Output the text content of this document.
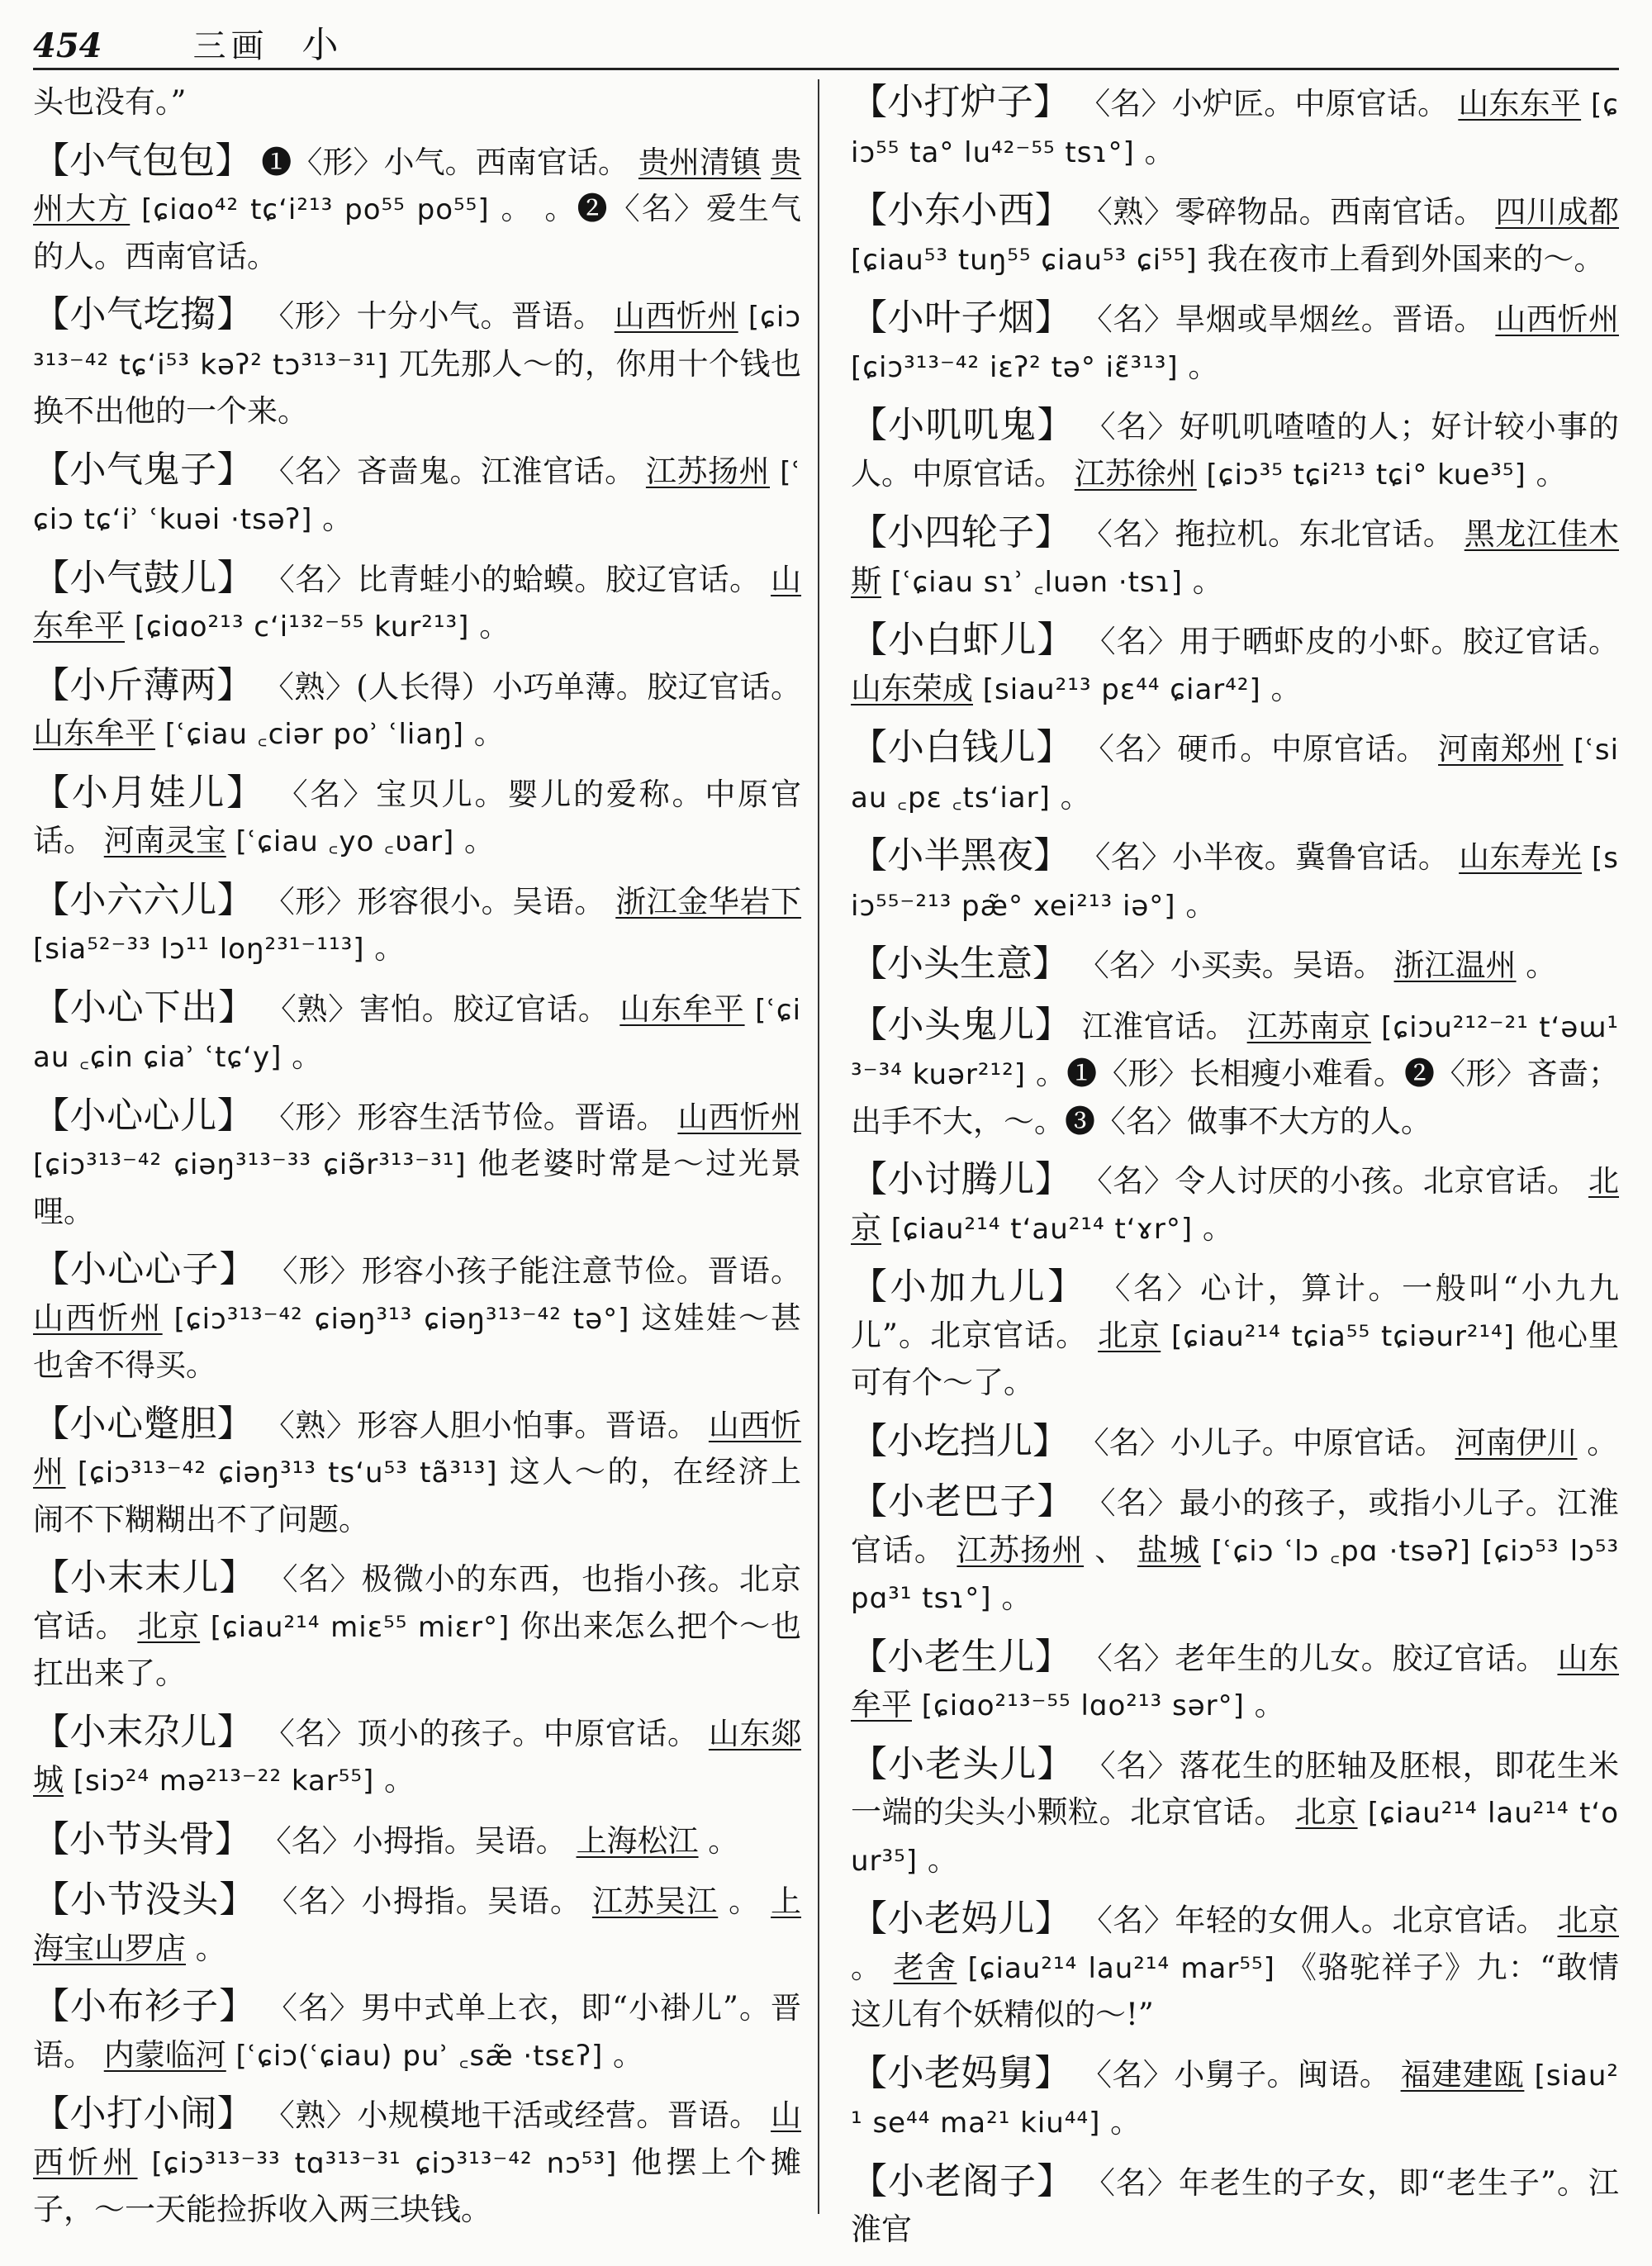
454	三画 小

头也没有。”

【小气包包】 ❶〈形〉小气。西南官话。 贵州清镇 贵州大方 [ɕiɑo⁴² tɕʻi²¹³ po⁵⁵ po⁵⁵] 。 。❷〈名〉爱生气的人。西南官话。

【小气圪搊】 〈形〉十分小气。晋语。 山西忻州 [ɕiɔ³¹³⁻⁴² tɕʻi⁵³ kəʔ² tɔ³¹³⁻³¹] 兀先那人～的，你用十个钱也换不出他的一个来。

【小气鬼子】 〈名〉吝啬鬼。江淮官话。 江苏扬州 [ʿɕiɔ tɕʻiʾ ʿkuəi ·tsəʔ] 。

【小气鼓儿】 〈名〉比青蛙小的蛤蟆。胶辽官话。 山东牟平 [ɕiɑo²¹³ cʻi¹³²⁻⁵⁵ kur²¹³] 。

【小斤薄两】 〈熟〉(人长得）小巧单薄。胶辽官话。 山东牟平 [ʿɕiau ꜀ciər poʾ ʿliaŋ] 。

【小月娃儿】 〈名〉宝贝儿。婴儿的爱称。中原官话。 河南灵宝 [ʿɕiau ꜀yo ꜀ʋar] 。

【小六六儿】 〈形〉形容很小。吴语。 浙江金华岩下 [sia⁵²⁻³³ lɔ¹¹ loŋ²³¹⁻¹¹³] 。

【小心下出】 〈熟〉害怕。胶辽官话。 山东牟平 [ʿɕiau ꜀ɕin ɕiaʾ ʿtɕʻy] 。

【小心心儿】 〈形〉形容生活节俭。晋语。 山西忻州 [ɕiɔ³¹³⁻⁴² ɕiəŋ³¹³⁻³³ ɕiə̃r³¹³⁻³¹] 他老婆时常是～过光景哩。

【小心心子】 〈形〉形容小孩子能注意节俭。晋语。 山西忻州 [ɕiɔ³¹³⁻⁴² ɕiəŋ³¹³ ɕiəŋ³¹³⁻⁴² tə°] 这娃娃～甚也舍不得买。

【小心蹩胆】 〈熟〉形容人胆小怕事。晋语。 山西忻州 [ɕiɔ³¹³⁻⁴² ɕiəŋ³¹³ tsʻu⁵³ tã³¹³] 这人～的，在经济上闹不下糊糊出不了问题。

【小末末儿】 〈名〉极微小的东西，也指小孩。北京官话。 北京 [ɕiau²¹⁴ miɛ⁵⁵ miɛr°] 你出来怎么把个～也扛出来了。

【小末尕儿】 〈名〉顶小的孩子。中原官话。 山东郯城 [siɔ²⁴ mə²¹³⁻²² kar⁵⁵] 。

【小节头骨】 〈名〉小拇指。吴语。 上海松江 。

【小节没头】 〈名〉小拇指。吴语。 江苏吴江 。 上海宝山罗店 。

【小布衫子】 〈名〉男中式单上衣，即“小褂儿”。晋语。 内蒙临河 [ʿɕiɔ(ʿɕiau) puʾ ꜀sæ̃ ·tsɛʔ] 。

【小打小闹】 〈熟〉小规模地干活或经营。晋语。 山西忻州 [ɕiɔ³¹³⁻³³ tɑ³¹³⁻³¹ ɕiɔ³¹³⁻⁴² nɔ⁵³] 他摆上个摊子，～一天能捡拆收入两三块钱。

【小打炉子】 〈名〉小炉匠。中原官话。 山东东平 [ɕiɔ⁵⁵ ta° lu⁴²⁻⁵⁵ tsɿ°] 。

【小东小西】 〈熟〉零碎物品。西南官话。 四川成都 [ɕiau⁵³ tuŋ⁵⁵ ɕiau⁵³ ɕi⁵⁵] 我在夜市上看到外国来的～。

【小叶子烟】 〈名〉旱烟或旱烟丝。晋语。 山西忻州 [ɕiɔ³¹³⁻⁴² iɛʔ² tə° iɛ̃³¹³] 。

【小叽叽鬼】 〈名〉好叽叽喳喳的人；好计较小事的人。中原官话。 江苏徐州 [ɕiɔ³⁵ tɕi²¹³ tɕi° kue³⁵] 。

【小四轮子】 〈名〉拖拉机。东北官话。 黑龙江佳木斯 [ʿɕiau sɿʾ ꜀luən ·tsɿ] 。

【小白虾儿】 〈名〉用于晒虾皮的小虾。胶辽官话。 山东荣成 [siau²¹³ pɛ⁴⁴ ɕiar⁴²] 。

【小白钱儿】 〈名〉硬币。中原官话。 河南郑州 [ʿsiau ꜀pɛ ꜀tsʻiar] 。

【小半黑夜】 〈名〉小半夜。冀鲁官话。 山东寿光 [siɔ⁵⁵⁻²¹³ pæ̃° xei²¹³ iə°] 。

【小头生意】 〈名〉小买卖。吴语。 浙江温州 。

【小头鬼儿】 江淮官话。 江苏南京 [ɕiɔu²¹²⁻²¹ tʻəɯ¹³⁻³⁴ kuər²¹²] 。❶〈形〉长相瘦小难看。❷〈形〉吝啬；出手不大，～。❸〈名〉做事不大方的人。

【小讨腾儿】 〈名〉令人讨厌的小孩。北京官话。 北京 [ɕiau²¹⁴ tʻau²¹⁴ tʻɤr°] 。

【小加九儿】 〈名〉心计，算计。一般叫“小九九儿”。北京官话。 北京 [ɕiau²¹⁴ tɕia⁵⁵ tɕiəur²¹⁴] 他心里可有个～了。

【小圪挡儿】 〈名〉小儿子。中原官话。 河南伊川 。

【小老巴子】 〈名〉最小的孩子，或指小儿子。江淮官话。 江苏扬州 、 盐城 [ʿɕiɔ ʿlɔ ꜀pɑ ·tsəʔ] [ɕiɔ⁵³ lɔ⁵³ pɑ³¹ tsɿ°] 。

【小老生儿】 〈名〉老年生的儿女。胶辽官话。 山东牟平 [ɕiɑo²¹³⁻⁵⁵ lɑo²¹³ sər°] 。

【小老头儿】 〈名〉落花生的胚轴及胚根，即花生米一端的尖头小颗粒。北京官话。 北京 [ɕiau²¹⁴ lau²¹⁴ tʻour³⁵] 。

【小老妈儿】 〈名〉年轻的女佣人。北京官话。 北京 。 老舍 [ɕiau²¹⁴ lau²¹⁴ mar⁵⁵] 《骆驼祥子》九：“敢情这儿有个妖精似的～!”

【小老妈舅】 〈名〉小舅子。闽语。 福建建瓯 [siau²¹ se⁴⁴ ma²¹ kiu⁴⁴] 。

【小老阁子】 〈名〉年老生的子女，即“老生子”。江淮官
